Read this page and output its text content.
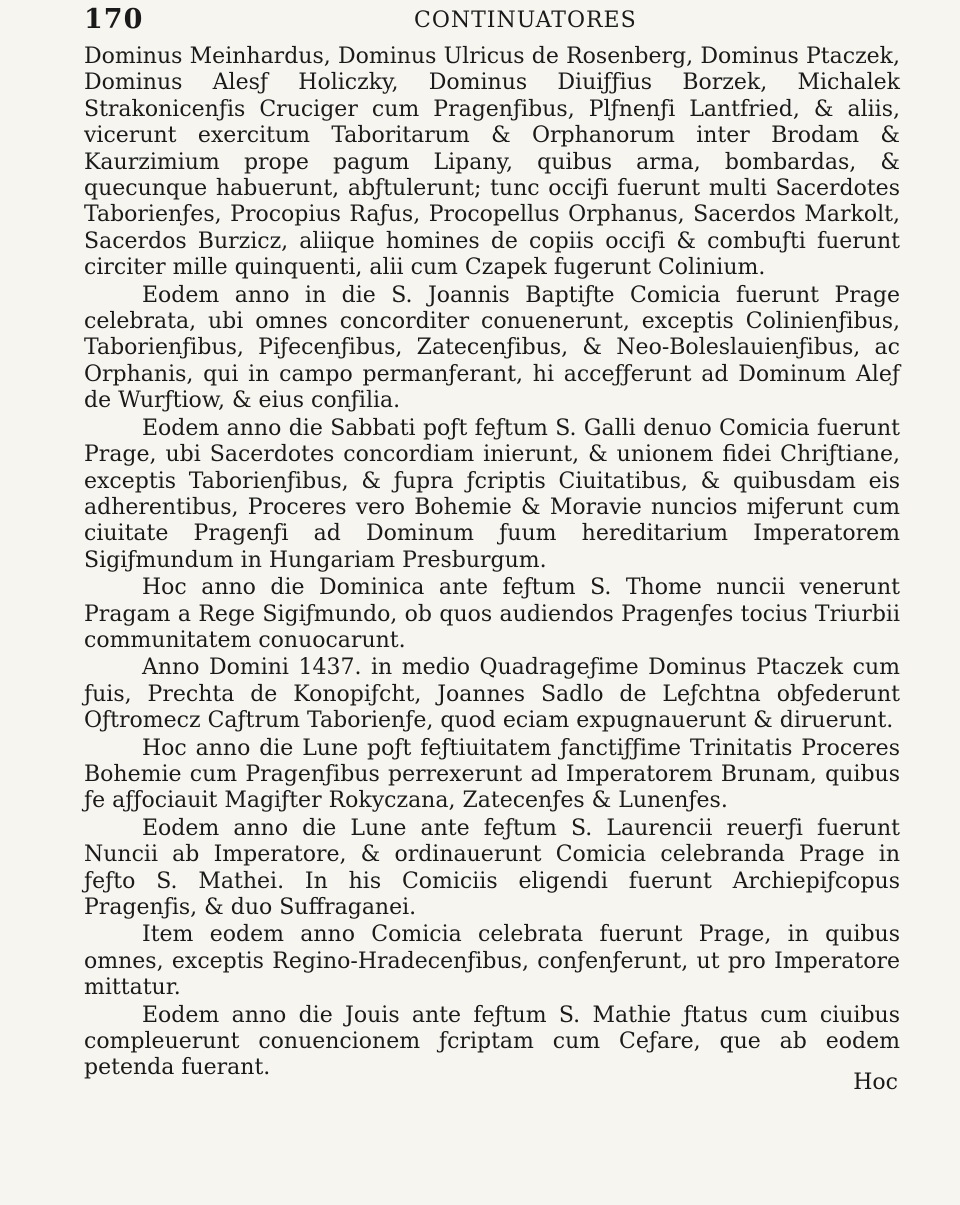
170	CONTINUATORES

Dominus Meinhardus, Dominus Ulricus de Rosenberg, Dominus Ptaczek, Dominus Alesƒ Holiczky, Dominus Diuiƒƒius Borzek, Michalek Strakonicenƒis Cruciger cum Pragenƒibus, Plƒnenƒi Lantfried, & aliis, vicerunt exercitum Taboritarum & Orphanorum inter Brodam & Kaurzimium prope pagum Lipany, quibus arma, bombardas, & quecunque habuerunt, abƒtulerunt; tunc occiƒi fuerunt multi Sacerdotes Taborienƒes, Procopius Raƒus, Procopellus Orphanus, Sacerdos Markolt, Sacerdos Burzicz, aliique homines de copiis occiƒi & combuƒti fuerunt circiter mille quinquenti, alii cum Czapek fugerunt Colinium.

Eodem anno in die S. Joannis Baptiƒte Comicia fuerunt Prage celebrata, ubi omnes concorditer conuenerunt, exceptis Colinienƒibus, Taborienƒibus, Piƒecenƒibus, Zatecenƒibus, & Neo-Boleslauienƒibus, ac Orphanis, qui in campo permanƒerant, hi acceƒƒerunt ad Dominum Aleƒ de Wurƒtiow, & eius conƒilia.

Eodem anno die Sabbati poƒt feƒtum S. Galli denuo Comicia fuerunt Prage, ubi Sacerdotes concordiam inierunt, & unionem fidei Chriƒtiane, exceptis Taborienƒibus, & ƒupra ƒcriptis Ciuitatibus, & quibusdam eis adherentibus, Proceres vero Bohemie & Moravie nuncios miƒerunt cum ciuitate Pragenƒi ad Dominum ƒuum hereditarium Imperatorem Sigiƒmundum in Hungariam Presburgum.

Hoc anno die Dominica ante feƒtum S. Thome nuncii venerunt Pragam a Rege Sigiƒmundo, ob quos audiendos Pragenƒes tocius Triurbii communitatem conuocarunt.

Anno Domini 1437. in medio Quadrageƒime Dominus Ptaczek cum ƒuis, Prechta de Konopiƒcht, Joannes Sadlo de Leƒchtna obƒederunt Oƒtromecz Caƒtrum Taborienƒe, quod eciam expugnauerunt & diruerunt.

Hoc anno die Lune poƒt feƒtiuitatem ƒanctiƒƒime Trinitatis Proceres Bohemie cum Pragenƒibus perrexerunt ad Imperatorem Brunam, quibus ƒe aƒƒociauit Magiƒter Rokyczana, Zatecenƒes & Lunenƒes.

Eodem anno die Lune ante feƒtum S. Laurencii reuerƒi fuerunt Nuncii ab Imperatore, & ordinauerunt Comicia celebranda Prage in ƒeƒto S. Mathei. In his Comiciis eligendi fuerunt Archiepiƒcopus Pragenƒis, & duo Suffraganei.

Item eodem anno Comicia celebrata fuerunt Prage, in quibus omnes, exceptis Regino-Hradecenƒibus, conƒenƒerunt, ut pro Imperatore mittatur.

Eodem anno die Jouis ante feƒtum S. Mathie ƒtatus cum ciuibus compleuerunt conuencionem ƒcriptam cum Ceƒare, que ab eodem petenda fuerant.

Hoc
